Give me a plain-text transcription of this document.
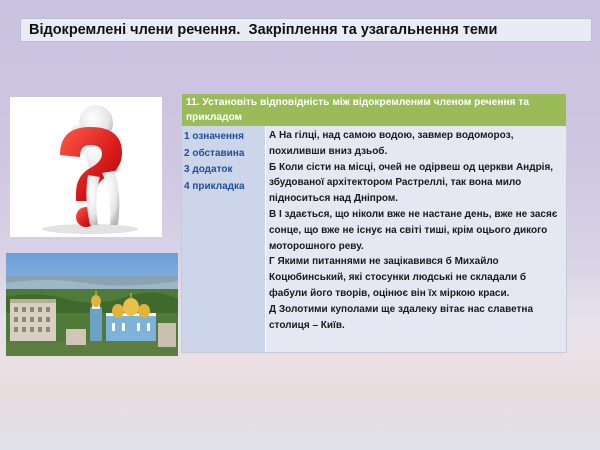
Відокремлені члени речення.  Закріплення та узагальнення теми
11. Установіть відповідність між відокремленим членом речення та прикладом
1 означення
2 обставина
3 додаток
4 прикладка
А На гілці, над самою водою, завмер водоморoз, похиливши вниз дзьоб.
Б Коли сісти на місці, очей не одірвеш од церкви Андрія, збудованої архітектором Растреллі, так вона мило підноситься над Дніпром.
В І здається, що ніколи вже не настане день, вже не засяє сонце, що вже не існує на світі тиші, крім оцього дикого моторошного реву.
Г Якими питаннями не зацікавився б Михайло Коцюбинський, які стосунки людські не складали б фабули його творів, оцінює він їх міркою краси.
Д Золотими куполами ще здалеку вітає нас славетна столиця – Київ.
